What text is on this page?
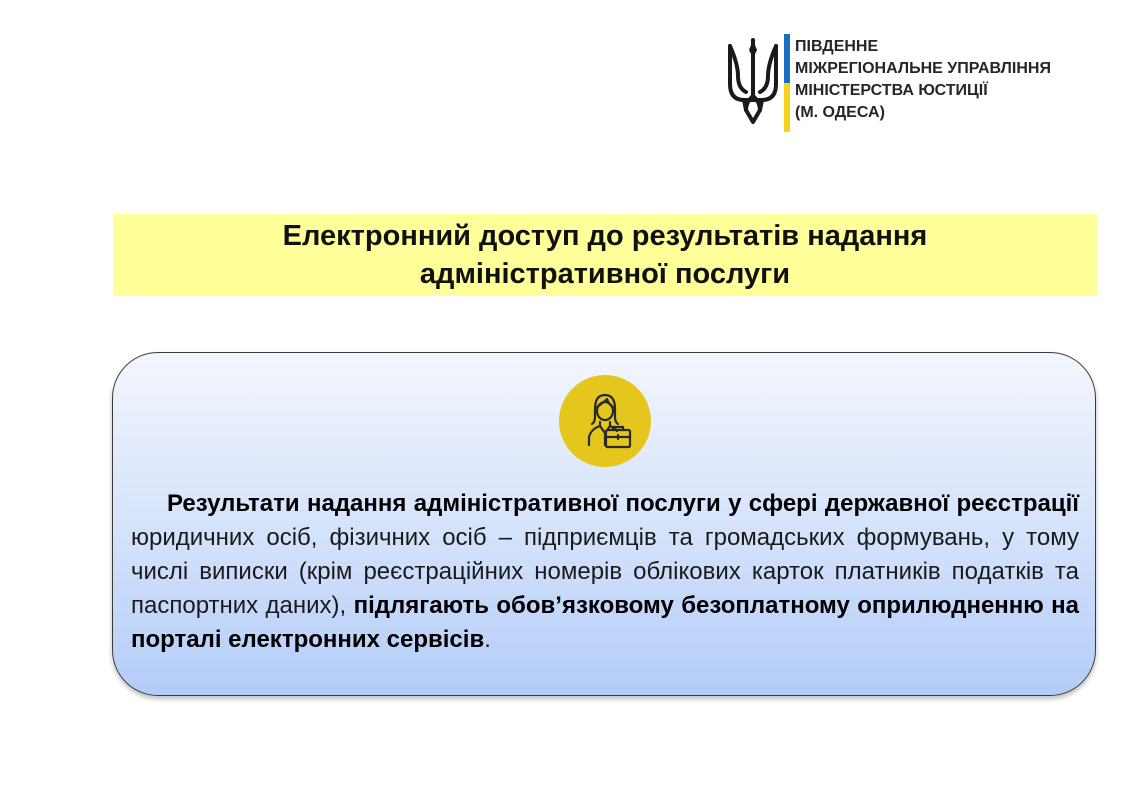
ПІВДЕННЕ
МІЖРЕГІОНАЛЬНЕ УПРАВЛІННЯ
МІНІСТЕРСТВА ЮСТИЦІЇ
(М. ОДЕСА)
Електронний доступ до результатів надання
адміністративної послуги

Результати надання адміністративної послуги у сфері державної реєстрації юридичних осіб, фізичних осіб – підприємців та громадських формувань, у тому числі виписки (крім реєстраційних номерів облікових карток платників податків та паспортних даних), підлягають обов’язковому безоплатному оприлюдненню на порталі електронних сервісів.
